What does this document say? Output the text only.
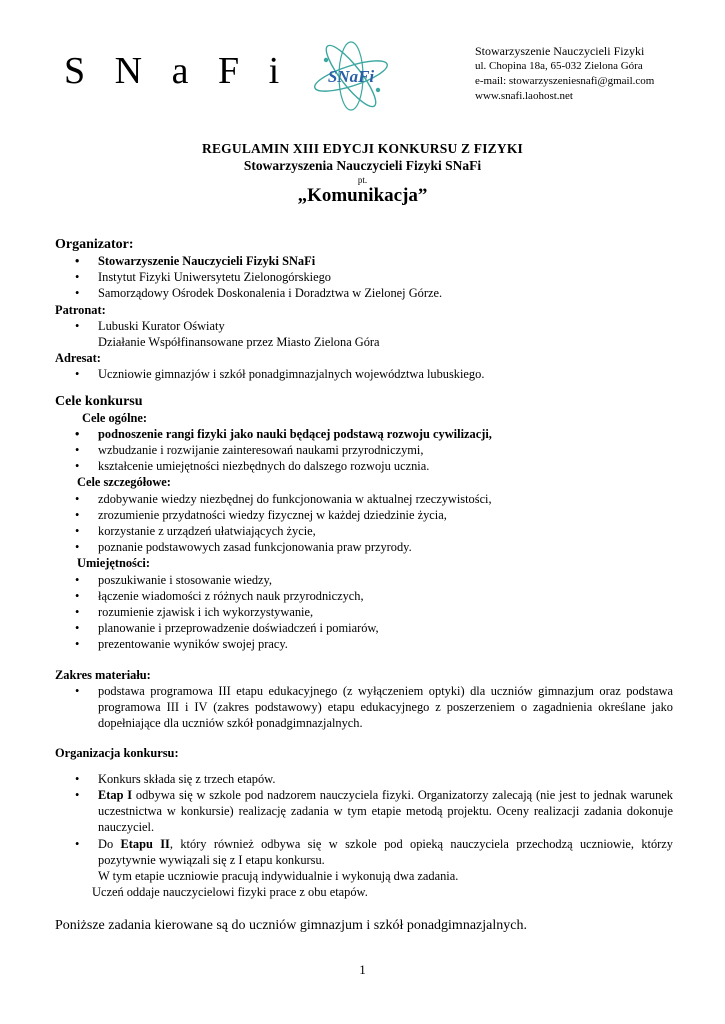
S N a F i SNaFi
Stowarzyszenie Nauczycieli Fizyki
ul. Chopina 18a, 65-032 Zielona Góra
e-mail: stowarzyszeniesnafi@gmail.com
www.snafi.laohost.net
REGULAMIN XIII EDYCJI KONKURSU Z FIZYKI
Stowarzyszenia Nauczycieli Fizyki SNaFi
pt.
„Komunikacja”

Organizator:

• Stowarzyszenie Nauczycieli Fizyki SNaFi
• Instytut Fizyki Uniwersytetu Zielonogórskiego
• Samorządowy Ośrodek Doskonalenia i Doradztwa w Zielonej Górze.

Patronat:

• Lubuski Kurator Oświaty
Działanie Współfinansowane przez Miasto Zielona Góra

Adresat:

• Uczniowie gimnazjów i szkół ponadgimnazjalnych województwa lubuskiego.

Cele konkursu

Cele ogólne:

• podnoszenie rangi fizyki jako nauki będącej podstawą rozwoju cywilizacji,
• wzbudzanie i rozwijanie zainteresowań naukami przyrodniczymi,
• kształcenie umiejętności niezbędnych do dalszego rozwoju ucznia.

Cele szczegółowe:

• zdobywanie wiedzy niezbędnej do funkcjonowania w aktualnej rzeczywistości,
• zrozumienie przydatności wiedzy fizycznej w każdej dziedzinie życia,
• korzystanie z urządzeń ułatwiających życie,
• poznanie podstawowych zasad funkcjonowania praw przyrody.

Umiejętności:

• poszukiwanie i stosowanie wiedzy,
• łączenie wiadomości z różnych nauk przyrodniczych,
• rozumienie zjawisk i ich wykorzystywanie,
• planowanie i przeprowadzenie doświadczeń i pomiarów,
• prezentowanie wyników swojej pracy.

Zakres materiału:

• podstawa programowa III etapu edukacyjnego (z wyłączeniem optyki) dla uczniów gimnazjum oraz podstawa programowa III i IV (zakres podstawowy) etapu edukacyjnego z poszerzeniem o zagadnienia określane jako dopełniające dla uczniów szkół ponadgimnazjalnych.

Organizacja konkursu:

• Konkurs składa się z trzech etapów.
• Etap I odbywa się w szkole pod nadzorem nauczyciela fizyki. Organizatorzy zalecają (nie jest to jednak warunek uczestnictwa w konkursie) realizację zadania w tym etapie metodą projektu. Oceny realizacji zadania dokonuje nauczyciel.
• Do Etapu II, który również odbywa się w szkole pod opieką nauczyciela przechodzą uczniowie, którzy pozytywnie wywiązali się z I etapu konkursu.
W tym etapie uczniowie pracują indywidualnie i wykonują dwa zadania.
Uczeń oddaje nauczycielowi fizyki prace z obu etapów.

Poniższe zadania kierowane są do uczniów gimnazjum i szkół ponadgimnazjalnych.

1
